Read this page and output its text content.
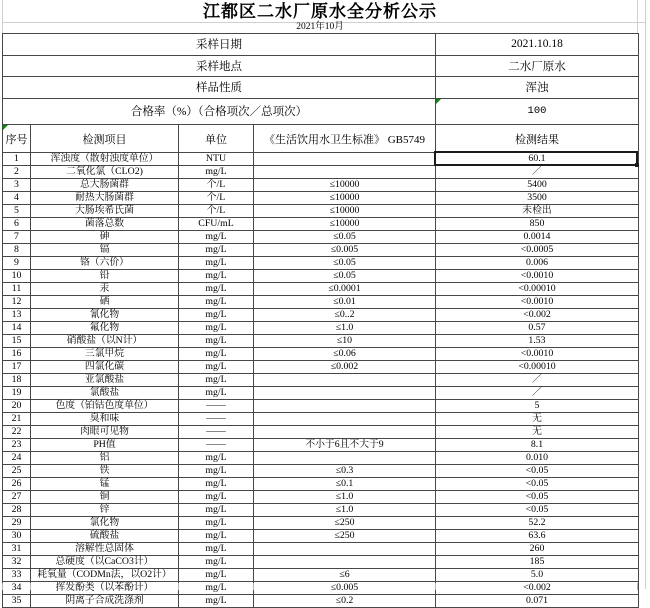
江都区二水厂原水全分析公示
2021年10月
采样日期				2021.10.18
采样地点				二水厂原水
样品性质				浑浊
合格率（%）（合格项次／总项次）				100

序号	检测项目	单位	《生活饮用水卫生标准》 GB5749	检测结果
1	浑浊度（散射浊度单位）	NTU		60.1
2	二氧化氯（CLO2)	mg/L		／
3	总大肠菌群	个/L	≤10000	5400
4	耐热大肠菌群	个/L	≤10000	3500
5	大肠埃希氏菌	个/L	≤10000	未检出
6	菌落总数	CFU/mL	≤10000	850
7	砷	mg/L	≤0.05	0.0014
8	镉	mg/L	≤0.005	<0.0005
9	铬（六价）	mg/L	≤0.05	0.006
10	铅	mg/L	≤0.05	<0.0010
11	汞	mg/L	≤0.0001	<0.00010
12	硒	mg/L	≤0.01	<0.0010
13	氰化物	mg/L	≤0..2	<0.002
14	氟化物	mg/L	≤1.0	0.57
15	硝酸盐（以N计）	mg/L	≤10	1.53
16	三氯甲烷	mg/L	≤0.06	<0.0010
17	四氯化碳	mg/L	≤0.002	<0.00010
18	亚氯酸盐	mg/L		／
19	氯酸盐	mg/L		／
20	色度（铂钴色度单位）	——		5
21	臭和味	——		无
22	肉眼可见物	——		无
23	PH值	——	不小于6且不大于9	8.1
24	铝	mg/L		0.010
25	铁	mg/L	≤0.3	<0.05
26	锰	mg/L	≤0.1	<0.05
27	铜	mg/L	≤1.0	<0.05
28	锌	mg/L	≤1.0	<0.05
29	氯化物	mg/L	≤250	52.2
30	硫酸盐	mg/L	≤250	63.6
31	溶解性总固体	mg/L		260
32	总硬度（以CaCO3计）	mg/L		185
33	耗氧量（CODMn法，以O2计）	mg/L	≤6	5.0
34	挥发酚类（以苯酚计）	mg/L	≤0.005	<0.002
35	阴离子合成洗涤剂	mg/L	≤0.2	0.071
